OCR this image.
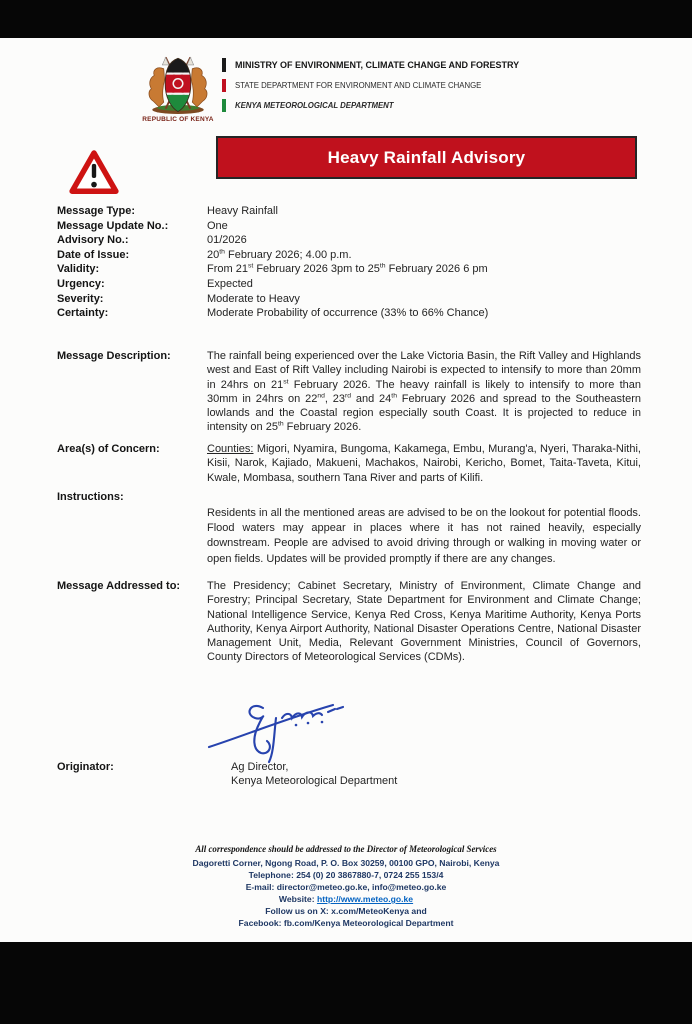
REPUBLIC OF KENYA
MINISTRY OF ENVIRONMENT, CLIMATE CHANGE AND FORESTRY
STATE DEPARTMENT FOR ENVIRONMENT AND CLIMATE CHANGE
KENYA METEOROLOGICAL DEPARTMENT
Heavy Rainfall Advisory
Message Type:	Heavy Rainfall
Message Update No.:	One
Advisory No.:	01/2026
Date of Issue:	20th February 2026; 4.00 p.m.
Validity:	From 21st February 2026 3pm to 25th February 2026 6 pm
Urgency:	Expected
Severity:	Moderate to Heavy
Certainty:	Moderate Probability of occurrence (33% to 66% Chance)
Message Description:	The rainfall being experienced over the Lake Victoria Basin, the Rift Valley and Highlands west and East of Rift Valley including Nairobi is expected to intensify to more than 20mm in 24hrs on 21st February 2026. The heavy rainfall is likely to intensify to more than 30mm in 24hrs on 22nd, 23rd and 24th February 2026 and spread to the Southeastern lowlands and the Coastal region especially south Coast. It is projected to reduce in intensity on 25th February 2026.
Area(s) of Concern:	Counties: Migori, Nyamira, Bungoma, Kakamega, Embu, Murang'a, Nyeri, Tharaka-Nithi, Kisii, Narok, Kajiado, Makueni, Machakos, Nairobi, Kericho, Bomet, Taita-Taveta, Kitui, Kwale, Mombasa, southern Tana River and parts of Kilifi.
Instructions:
Residents in all the mentioned areas are advised to be on the lookout for potential floods. Flood waters may appear in places where it has not rained heavily, especially downstream. People are advised to avoid driving through or walking in moving water or open fields. Updates will be provided promptly if there are any changes.
Message Addressed to: The Presidency; Cabinet Secretary, Ministry of Environment, Climate Change and Forestry; Principal Secretary, State Department for Environment and Climate Change; National Intelligence Service, Kenya Red Cross, Kenya Maritime Authority, Kenya Ports Authority, Kenya Airport Authority, National Disaster Operations Centre, National Disaster Management Unit, Media, Relevant Government Ministries, Council of Governors, County Directors of Meteorological Services (CDMs).
Originator:	Ag Director,
Kenya Meteorological Department
All correspondence should be addressed to the Director of Meteorological Services
Dagoretti Corner, Ngong Road, P. O. Box 30259, 00100 GPO, Nairobi, Kenya
Telephone: 254 (0) 20 3867880-7, 0724 255 153/4
E-mail: director@meteo.go.ke, info@meteo.go.ke
Website: http://www.meteo.go.ke
Follow us on X: x.com/MeteoKenya and
Facebook: fb.com/Kenya Meteorological Department
